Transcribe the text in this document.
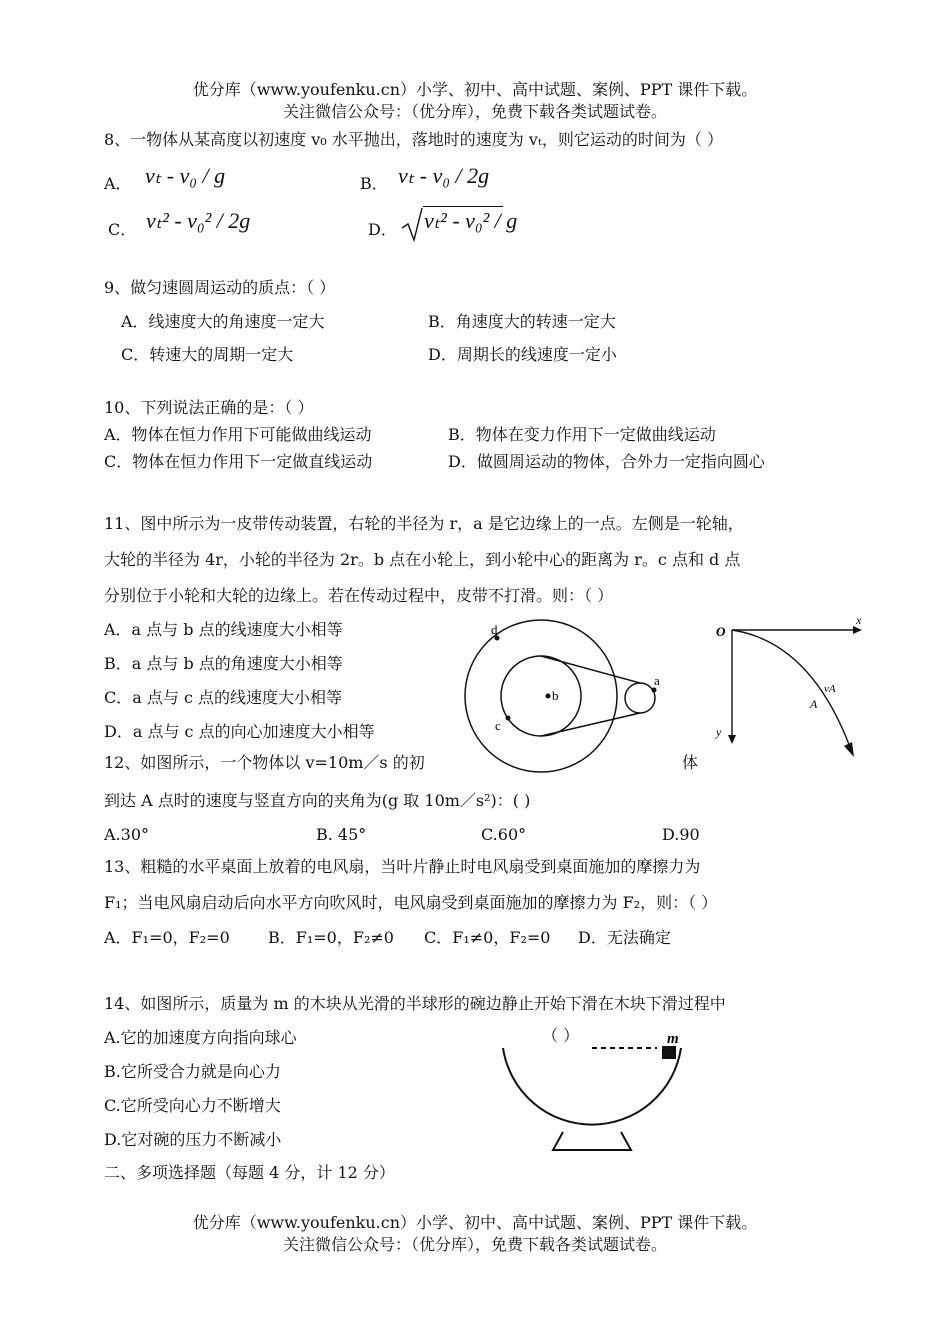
优分库（www.youfenku.cn）小学、初中、高中试题、案例、PPT 课件下载。
关注微信公众号：（优分库），免费下载各类试题试卷。
8、一物体从某高度以初速度 v₀ 水平抛出，落地时的速度为 vₜ，则它运动的时间为（ ）
A． vₜ - v₀ / g	B． vₜ - v₀ / 2g
C． vₜ² - v₀² / 2g	D． vₜ² - v₀² / g
9、做匀速圆周运动的质点：（ ）
A．线速度大的角速度一定大	B．角速度大的转速一定大
C．转速大的周期一定大	D．周期长的线速度一定小
10、下列说法正确的是：（ ）
A．物体在恒力作用下可能做曲线运动	B．物体在变力作用下一定做曲线运动
C．物体在恒力作用下一定做直线运动	D．做圆周运动的物体，合外力一定指向圆心
11、图中所示为一皮带传动装置，右轮的半径为 r，a 是它边缘上的一点。左侧是一轮轴，
大轮的半径为 4r，小轮的半径为 2r。b 点在小轮上，到小轮中心的距离为 r。c 点和 d 点
分别位于小轮和大轮的边缘上。若在传动过程中，皮带不打滑。则：（ ）
A．a 点与 b 点的线速度大小相等
B．a 点与 b 点的角速度大小相等
C．a 点与 c 点的线速度大小相等
D．a 点与 c 点的向心加速度大小相等
d
b
c
a
O
x
y
A
vA
12、如图所示，一个物体以 v=10m／s 的初	体
到达 A 点时的速度与竖直方向的夹角为(g 取 10m／s²)：( )
A.30°	B. 45°	C.60°	D.90
13、粗糙的水平桌面上放着的电风扇，当叶片静止时电风扇受到桌面施加的摩擦力为
F₁；当电风扇启动后向水平方向吹风时，电风扇受到桌面施加的摩擦力为 F₂，则：（ ）
A．F₁=0，F₂=0 B．F₁=0，F₂≠0 C．F₁≠0，F₂=0 D．无法确定
14、如图所示，质量为 m 的木块从光滑的半球形的碗边静止开始下滑在木块下滑过程中
A.它的加速度方向指向球心
B.它所受合力就是向心力
C.它所受向心力不断增大
D.它对碗的压力不断减小
（ ）	m
二、多项选择题（每题 4 分，计 12 分）
优分库（www.youfenku.cn）小学、初中、高中试题、案例、PPT 课件下载。
关注微信公众号：（优分库），免费下载各类试题试卷。
